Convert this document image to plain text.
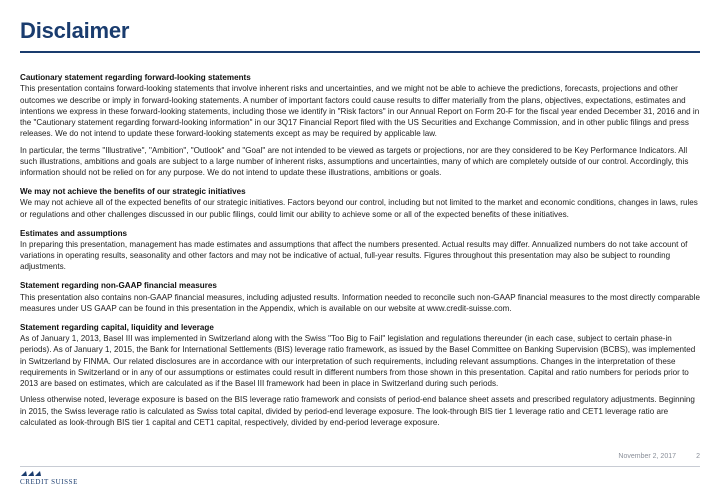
Disclaimer
Cautionary statement regarding forward-looking statements

This presentation contains forward-looking statements that involve inherent risks and uncertainties, and we might not be able to achieve the predictions, forecasts, projections and other outcomes we describe or imply in forward-looking statements. A number of important factors could cause results to differ materially from the plans, objectives, expectations, estimates and intentions we express in these forward-looking statements, including those we identify in "Risk factors" in our Annual Report on Form 20-F for the fiscal year ended December 31, 2016 and in the "Cautionary statement regarding forward-looking information" in our 3Q17 Financial Report filed with the US Securities and Exchange Commission, and in other public filings and press releases. We do not intend to update these forward-looking statements except as may be required by applicable law.

In particular, the terms "Illustrative", "Ambition", "Outlook" and "Goal" are not intended to be viewed as targets or projections, nor are they considered to be Key Performance Indicators. All such illustrations, ambitions and goals are subject to a large number of inherent risks, assumptions and uncertainties, many of which are completely outside of our control. Accordingly, this information should not be relied on for any purpose. We do not intend to update these illustrations, ambitions or goals.

We may not achieve the benefits of our strategic initiatives

We may not achieve all of the expected benefits of our strategic initiatives. Factors beyond our control, including but not limited to the market and economic conditions, changes in laws, rules or regulations and other challenges discussed in our public filings, could limit our ability to achieve some or all of the expected benefits of these initiatives.

Estimates and assumptions

In preparing this presentation, management has made estimates and assumptions that affect the numbers presented. Actual results may differ. Annualized numbers do not take account of variations in operating results, seasonality and other factors and may not be indicative of actual, full-year results. Figures throughout this presentation may also be subject to rounding adjustments.

Statement regarding non-GAAP financial measures

This presentation also contains non-GAAP financial measures, including adjusted results. Information needed to reconcile such non-GAAP financial measures to the most directly comparable measures under US GAAP can be found in this presentation in the Appendix, which is available on our website at www.credit-suisse.com.

Statement regarding capital, liquidity and leverage

As of January 1, 2013, Basel III was implemented in Switzerland along with the Swiss "Too Big to Fail" legislation and regulations thereunder (in each case, subject to certain phase-in periods). As of January 1, 2015, the Bank for International Settlements (BIS) leverage ratio framework, as issued by the Basel Committee on Banking Supervision (BCBS), was implemented in Switzerland by FINMA. Our related disclosures are in accordance with our interpretation of such requirements, including relevant assumptions. Changes in the interpretation of these requirements in Switzerland or in any of our assumptions or estimates could result in different numbers from those shown in this presentation. Capital and ratio numbers for periods prior to 2013 are based on estimates, which are calculated as if the Basel III framework had been in place in Switzerland during such periods.

Unless otherwise noted, leverage exposure is based on the BIS leverage ratio framework and consists of period-end balance sheet assets and prescribed regulatory adjustments. Beginning in 2015, the Swiss leverage ratio is calculated as Swiss total capital, divided by period-end leverage exposure. The look-through BIS tier 1 leverage ratio and CET1 leverage ratio are calculated as look-through BIS tier 1 capital and CET1 capital, respectively, divided by end-period leverage exposure.

CREDIT SUISSE
November 2, 2017	2
